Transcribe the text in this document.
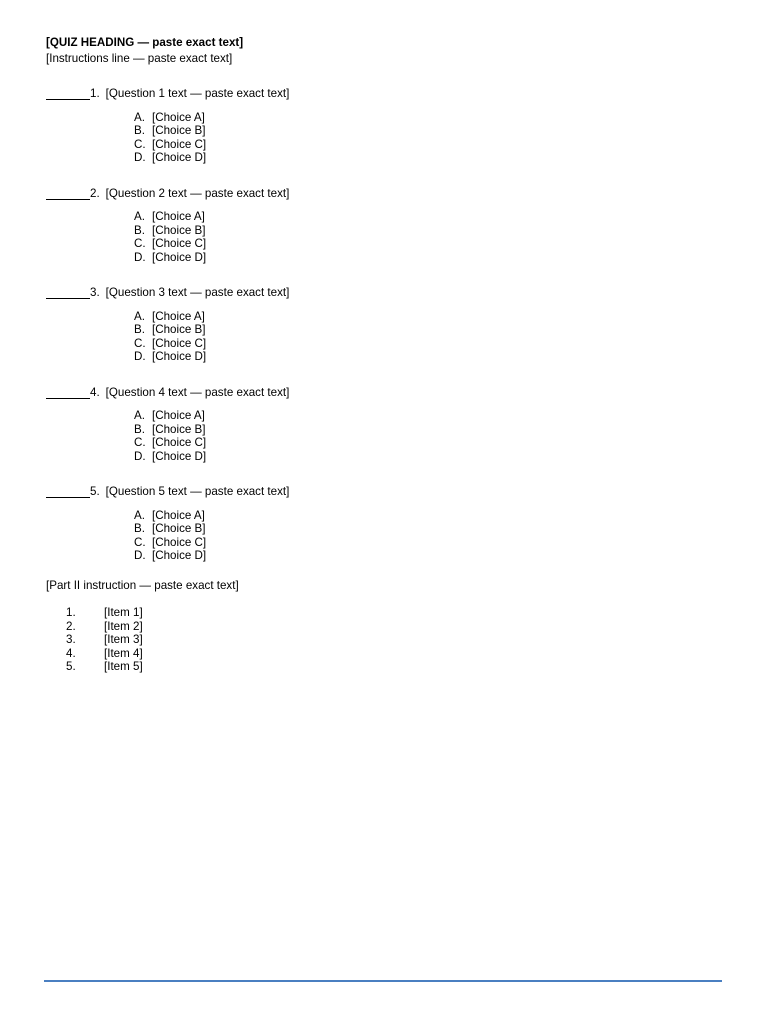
[QUIZ HEADING — paste exact text]
[Instructions line — paste exact text]
1. [Question 1 text — paste exact text]
A. [Choice A]
B. [Choice B]
C. [Choice C]
D. [Choice D]
2. [Question 2 text — paste exact text]
A. [Choice A]
B. [Choice B]
C. [Choice C]
D. [Choice D]
3. [Question 3 text — paste exact text]
A. [Choice A]
B. [Choice B]
C. [Choice C]
D. [Choice D]
4. [Question 4 text — paste exact text]
A. [Choice A]
B. [Choice B]
C. [Choice C]
D. [Choice D]
5. [Question 5 text — paste exact text]
A. [Choice A]
B. [Choice B]
C. [Choice C]
D. [Choice D]
[Part II instruction — paste exact text]
1.	[Item 1]
2.	[Item 2]
3.	[Item 3]
4.	[Item 4]
5.	[Item 5]
